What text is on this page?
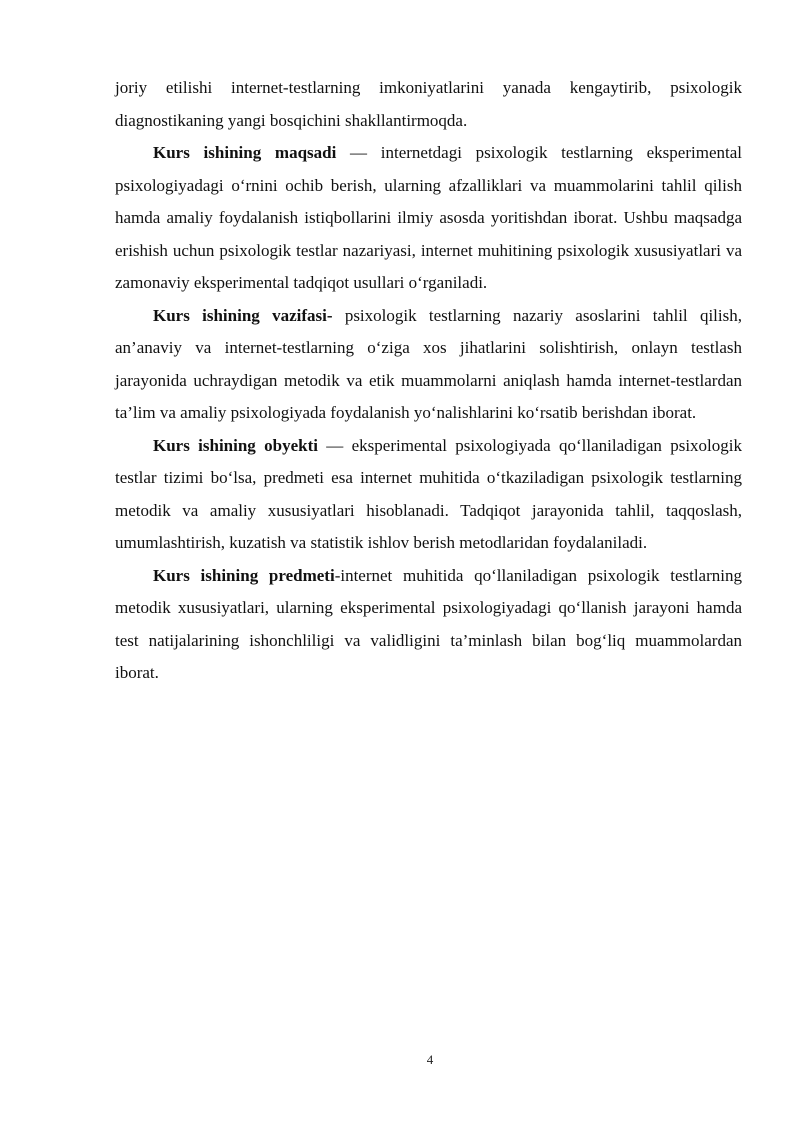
joriy etilishi internet-testlarning imkoniyatlarini yanada kengaytirib, psixologik diagnostikaning yangi bosqichini shakllantirmoqda.

Kurs ishining maqsadi — internetdagi psixologik testlarning eksperimental psixologiyadagi o‘rnini ochib berish, ularning afzalliklari va muammolarini tahlil qilish hamda amaliy foydalanish istiqbollarini ilmiy asosda yoritishdan iborat. Ushbu maqsadga erishish uchun psixologik testlar nazariyasi, internet muhitining psixologik xususiyatlari va zamonaviy eksperimental tadqiqot usullari o‘rganiladi.

Kurs ishining vazifasi- psixologik testlarning nazariy asoslarini tahlil qilish, an’anaviy va internet-testlarning o‘ziga xos jihatlarini solishtirish, onlayn testlash jarayonida uchraydigan metodik va etik muammolarni aniqlash hamda internet-testlardan ta’lim va amaliy psixologiyada foydalanish yo‘nalishlarini ko‘rsatib berishdan iborat.

Kurs ishining obyekti — eksperimental psixologiyada qo‘llaniladigan psixologik testlar tizimi bo‘lsa, predmeti esa internet muhitida o‘tkaziladigan psixologik testlarning metodik va amaliy xususiyatlari hisoblanadi. Tadqiqot jarayonida tahlil, taqqoslash, umumlashtirish, kuzatish va statistik ishlov berish metodlaridan foydalaniladi.

Kurs ishining predmeti-internet muhitida qo‘llaniladigan psixologik testlarning metodik xususiyatlari, ularning eksperimental psixologiyadagi qo‘llanish jarayoni hamda test natijalarining ishonchliligi va validligini ta’minlash bilan bog‘liq muammolardan iborat.

4
